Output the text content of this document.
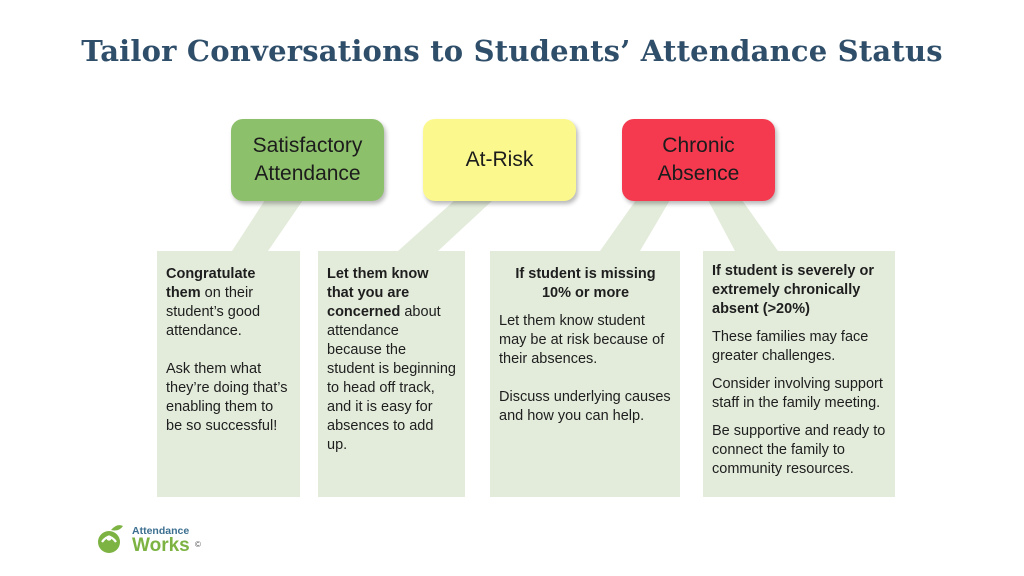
Tailor Conversations to Students’ Attendance Status
Satisfactory
Attendance
At-Risk
Chronic
Absence

Congratulate them on their student’s good attendance.

Ask them what they’re doing that’s enabling them to be so successful!

Let them know that you are concerned about attendance because the student is beginning to head off track, and it is easy for absences to add up.

If student is missing 10% or more

Let them know student may be at risk because of their absences.

Discuss underlying causes and how you can help.

If student is severely or extremely chronically absent (>20%)

These families may face greater challenges.

Consider involving support staff in the family meeting.

Be supportive and ready to connect the family to community resources.

Attendance
Works ©
